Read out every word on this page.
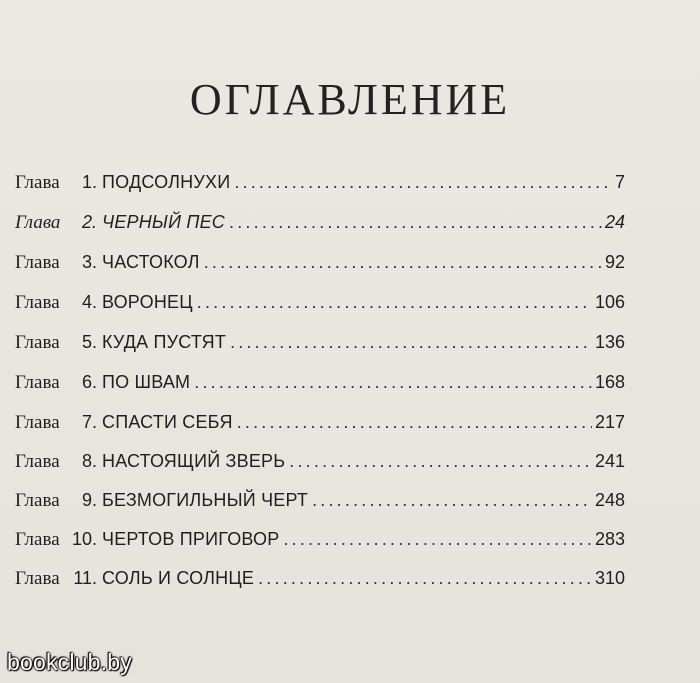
ОГЛАВЛЕНИЕ
Глава	1. ПОДСОЛНУХИ .....	7
Глава	2. ЧЕРНЫЙ ПЕС .....	24
Глава	3. ЧАСТОКОЛ .....	92
Глава	4. ВОРОНЕЦ .....	106
Глава	5. КУДА ПУСТЯТ .....	136
Глава	6. ПО ШВАМ .....	168
Глава	7. СПАСТИ СЕБЯ .....	217
Глава	8. НАСТОЯЩИЙ ЗВЕРЬ .....	241
Глава	9. БЕЗМОГИЛЬНЫЙ ЧЕРТ .....	248
Глава 10. ЧЕРТОВ ПРИГОВОР .....	283
Глава 11. СОЛЬ И СОЛНЦЕ .....	310
bookclub.by
